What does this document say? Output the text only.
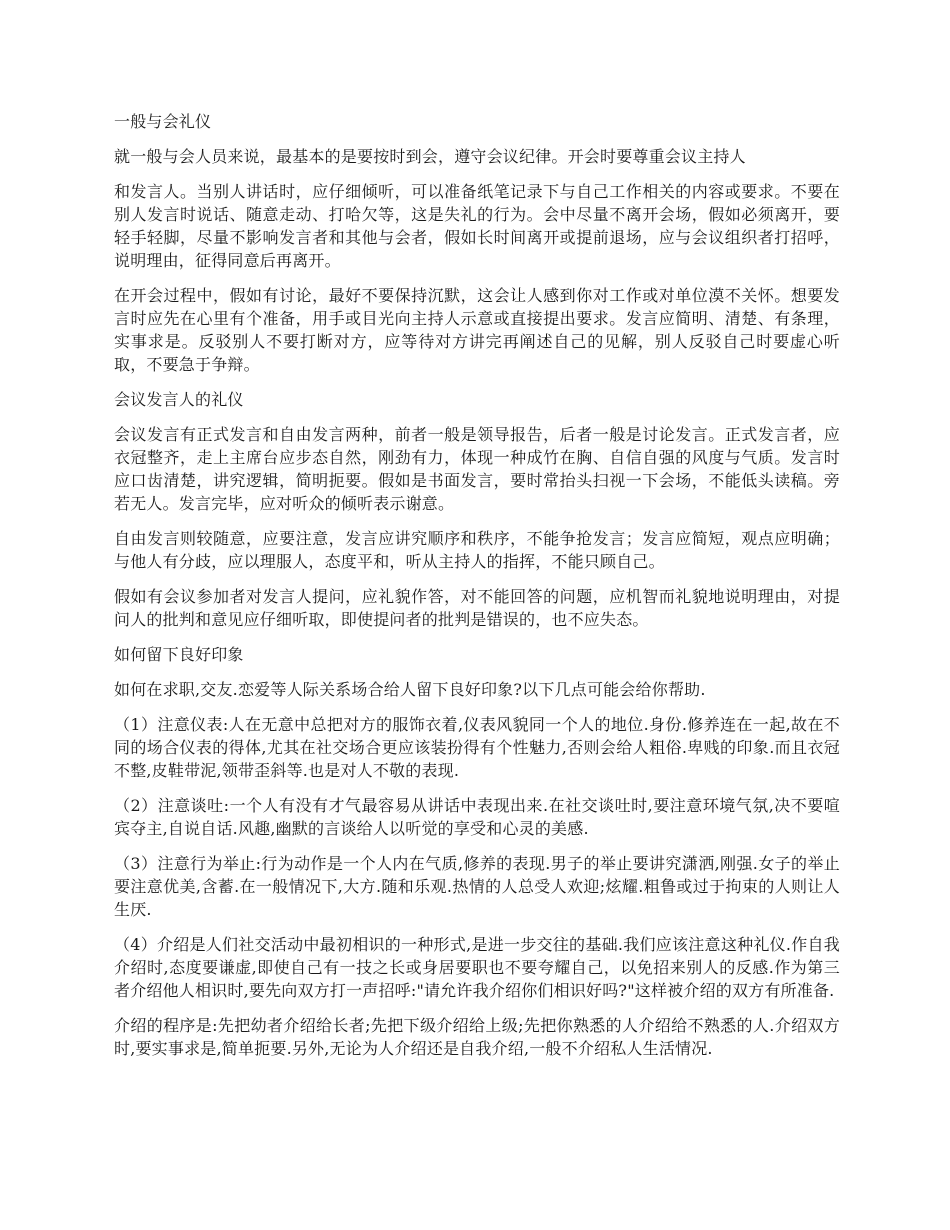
一般与会礼仪

就一般与会人员来说，最基本的是要按时到会，遵守会议纪律。开会时要尊重会议主持人

和发言人。当别人讲话时，应仔细倾听，可以准备纸笔记录下与自己工作相关的内容或要求。不要在别人发言时说话、随意走动、打哈欠等，这是失礼的行为。会中尽量不离开会场，假如必须离开，要轻手轻脚，尽量不影响发言者和其他与会者，假如长时间离开或提前退场，应与会议组织者打招呼，说明理由，征得同意后再离开。

在开会过程中，假如有讨论，最好不要保持沉默，这会让人感到你对工作或对单位漠不关怀。想要发言时应先在心里有个准备，用手或目光向主持人示意或直接提出要求。发言应简明、清楚、有条理，实事求是。反驳别人不要打断对方，应等待对方讲完再阐述自己的见解，别人反驳自己时要虚心听取，不要急于争辩。

会议发言人的礼仪

会议发言有正式发言和自由发言两种，前者一般是领导报告，后者一般是讨论发言。正式发言者，应衣冠整齐，走上主席台应步态自然，刚劲有力，体现一种成竹在胸、自信自强的风度与气质。发言时应口齿清楚，讲究逻辑，简明扼要。假如是书面发言，要时常抬头扫视一下会场，不能低头读稿。旁若无人。发言完毕，应对听众的倾听表示谢意。

自由发言则较随意，应要注意，发言应讲究顺序和秩序，不能争抢发言；发言应简短，观点应明确；与他人有分歧，应以理服人，态度平和，听从主持人的指挥，不能只顾自己。

假如有会议参加者对发言人提问，应礼貌作答，对不能回答的问题，应机智而礼貌地说明理由，对提问人的批判和意见应仔细听取，即使提问者的批判是错误的，也不应失态。

如何留下良好印象

如何在求职,交友.恋爱等人际关系场合给人留下良好印象?以下几点可能会给你帮助.

（1）注意仪表:人在无意中总把对方的服饰衣着,仪表风貌同一个人的地位.身份.修养连在一起,故在不同的场合仪表的得体,尤其在社交场合更应该装扮得有个性魅力,否则会给人粗俗.卑贱的印象.而且衣冠不整,皮鞋带泥,领带歪斜等.也是对人不敬的表现.

（2）注意谈吐:一个人有没有才气最容易从讲话中表现出来.在社交谈吐时,要注意环境气氛,决不要喧宾夺主,自说自话.风趣,幽默的言谈给人以听觉的享受和心灵的美感.

（3）注意行为举止:行为动作是一个人内在气质,修养的表现.男子的举止要讲究潇洒,刚强.女子的举止要注意优美,含蓄.在一般情况下,大方.随和乐观.热情的人总受人欢迎;炫耀.粗鲁或过于拘束的人则让人生厌.

（4）介绍是人们社交活动中最初相识的一种形式,是进一步交往的基础.我们应该注意这种礼仪.作自我介绍时,态度要谦虚,即使自己有一技之长或身居要职也不要夸耀自己，以免招来别人的反感.作为第三者介绍他人相识时,要先向双方打一声招呼:"请允许我介绍你们相识好吗?"这样被介绍的双方有所准备.

介绍的程序是:先把幼者介绍给长者;先把下级介绍给上级;先把你熟悉的人介绍给不熟悉的人.介绍双方时,要实事求是,简单扼要.另外,无论为人介绍还是自我介绍,一般不介绍私人生活情况.
